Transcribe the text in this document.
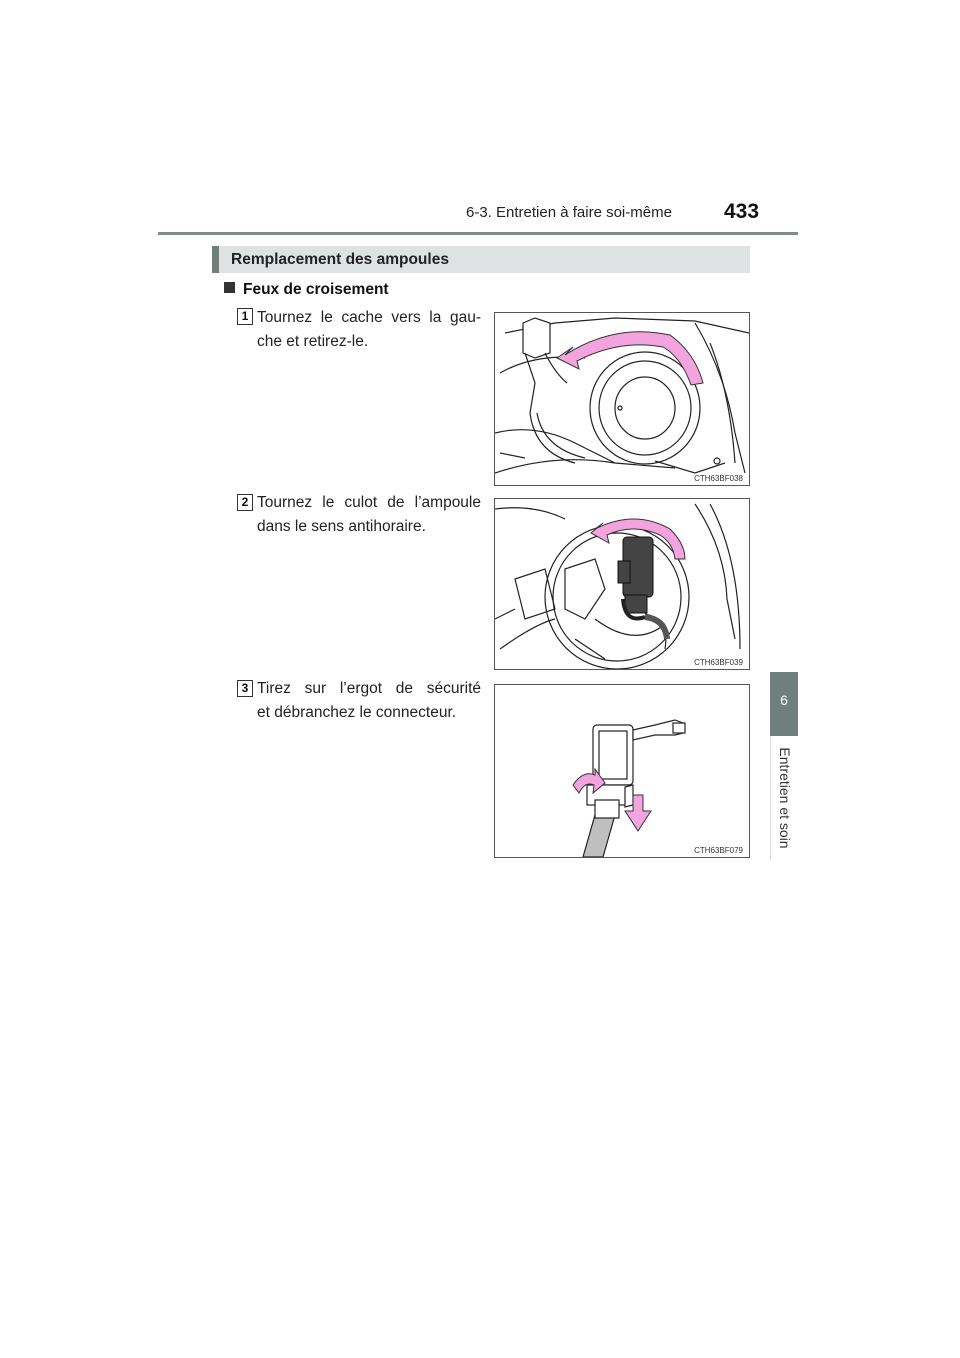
6-3. Entretien à faire soi-même 433
6
Entretien et soin
Remplacement des ampoules
Feux de croisement
1 Tournez le cache vers la gau-
che et retirez-le.
CTH63BF038
2 Tournez le culot de l’ampoule
dans le sens antihoraire.
CTH63BF039
3 Tirez sur l’ergot de sécurité
et débranchez le connecteur.
CTH63BF079
